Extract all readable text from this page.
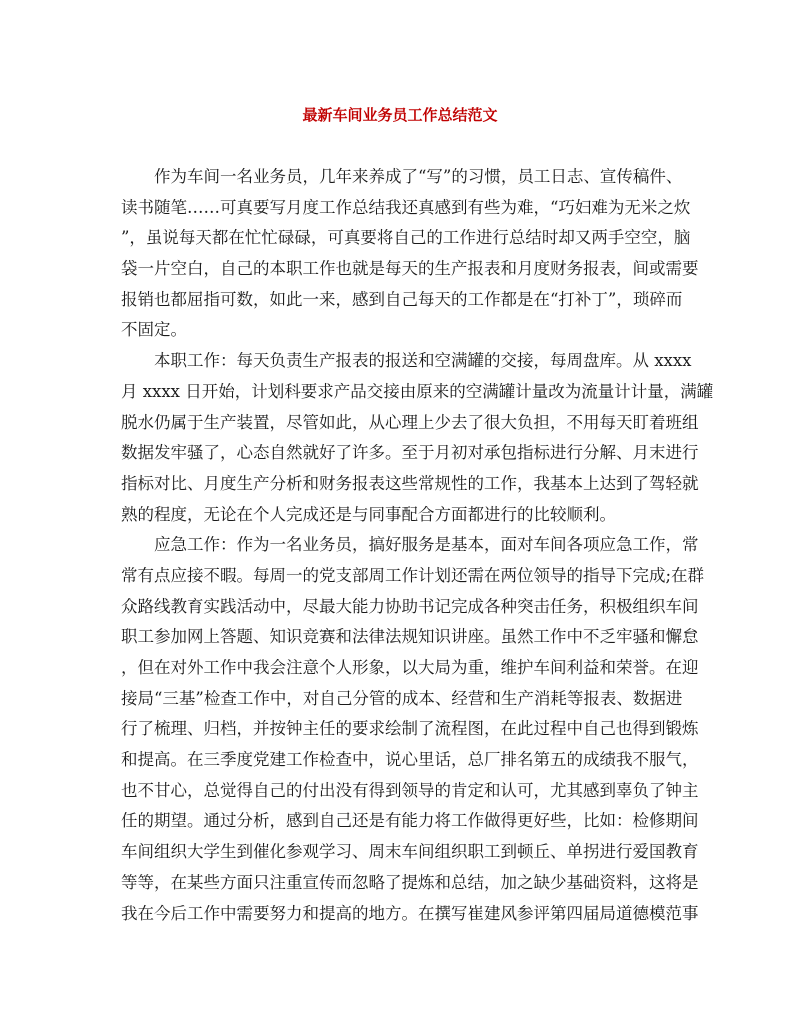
最新车间业务员工作总结范文
作为车间一名业务员，几年来养成了“写”的习惯，员工日志、宣传稿件、
读书随笔……可真要写月度工作总结我还真感到有些为难，“巧妇难为无米之炊
”，虽说每天都在忙忙碌碌，可真要将自己的工作进行总结时却又两手空空，脑
袋一片空白，自己的本职工作也就是每天的生产报表和月度财务报表，间或需要
报销也都屈指可数，如此一来，感到自己每天的工作都是在“打补丁”，琐碎而
不固定。
本职工作：每天负责生产报表的报送和空满罐的交接，每周盘库。从 xxxx
月 xxxx 日开始，计划科要求产品交接由原来的空满罐计量改为流量计计量，满罐
脱水仍属于生产装置，尽管如此，从心理上少去了很大负担，不用每天盯着班组
数据发牢骚了，心态自然就好了许多。至于月初对承包指标进行分解、月末进行
指标对比、月度生产分析和财务报表这些常规性的工作，我基本上达到了驾轻就
熟的程度，无论在个人完成还是与同事配合方面都进行的比较顺利。
应急工作：作为一名业务员，搞好服务是基本，面对车间各项应急工作，常
常有点应接不暇。每周一的党支部周工作计划还需在两位领导的指导下完成;在群
众路线教育实践活动中，尽最大能力协助书记完成各种突击任务，积极组织车间
职工参加网上答题、知识竞赛和法律法规知识讲座。虽然工作中不乏牢骚和懈怠
，但在对外工作中我会注意个人形象，以大局为重，维护车间利益和荣誉。在迎
接局“三基”检查工作中，对自己分管的成本、经营和生产消耗等报表、数据进
行了梳理、归档，并按钟主任的要求绘制了流程图，在此过程中自己也得到锻炼
和提高。在三季度党建工作检查中，说心里话，总厂排名第五的成绩我不服气，
也不甘心，总觉得自己的付出没有得到领导的肯定和认可，尤其感到辜负了钟主
任的期望。通过分析，感到自己还是有能力将工作做得更好些，比如：检修期间
车间组织大学生到催化参观学习、周末车间组织职工到顿丘、单拐进行爱国教育
等等，在某些方面只注重宣传而忽略了提炼和总结，加之缺少基础资料，这将是
我在今后工作中需要努力和提高的地方。在撰写崔建风参评第四届局道德模范事
